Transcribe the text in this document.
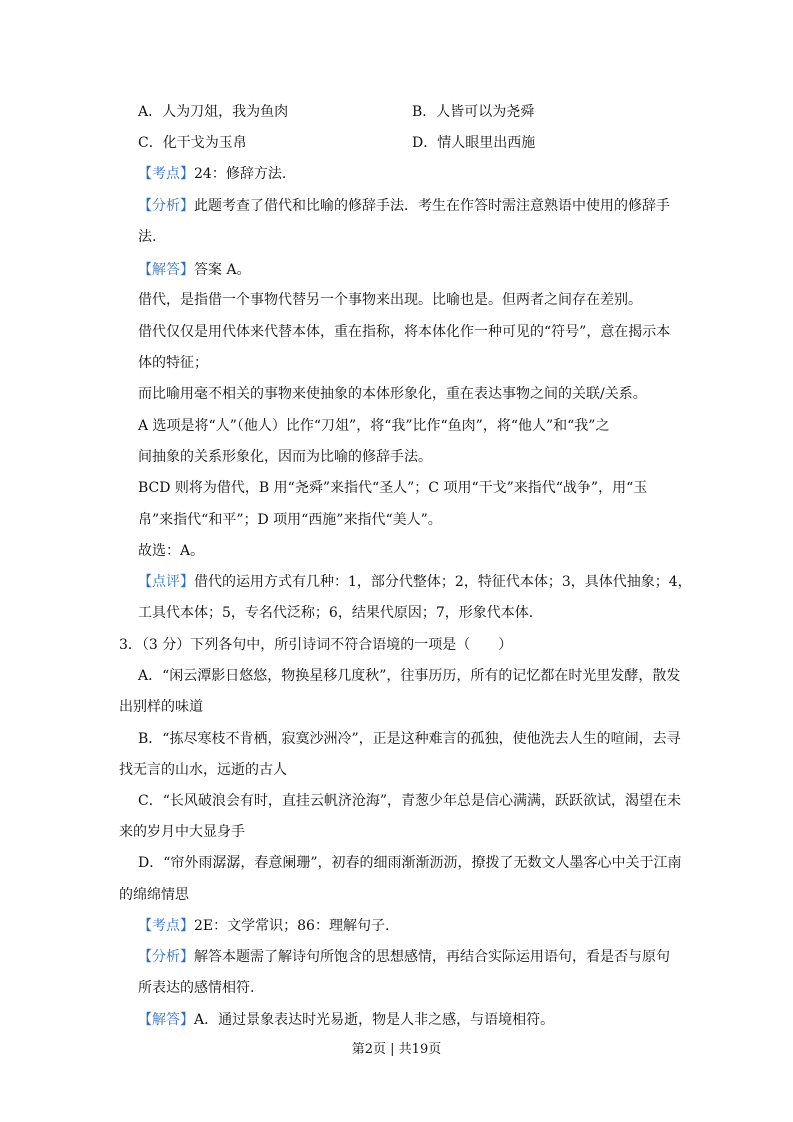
A．人为刀俎，我为鱼肉	B．人皆可以为尧舜
C．化干戈为玉帛	D．情人眼里出西施
【考点】24：修辞方法.
【分析】此题考查了借代和比喻的修辞手法．考生在作答时需注意熟语中使用的修辞手
法.
【解答】答案 A。
借代，是指借一个事物代替另一个事物来出现。比喻也是。但两者之间存在差别。
借代仅仅是用代体来代替本体，重在指称，将本体化作一种可见的“符号”，意在揭示本
体的特征；
而比喻用毫不相关的事物来使抽象的本体形象化，重在表达事物之间的关联/关系。
A 选项是将“人”（他人）比作“刀俎”，将“我”比作“鱼肉”，将“他人”和“我”之
间抽象的关系形象化，因而为比喻的修辞手法。
BCD 则将为借代，B 用“尧舜”来指代“圣人”；C 项用“干戈”来指代“战争”，用“玉
帛”来指代“和平”；D 项用“西施”来指代“美人”。
故选：A。
【点评】借代的运用方式有几种：1，部分代整体；2，特征代本体；3，具体代抽象；4，
工具代本体；5，专名代泛称；6，结果代原因；7，形象代本体.
3．（3 分）下列各句中，所引诗词不符合语境的一项是（　　）
A．“闲云潭影日悠悠，物换星移几度秋”，往事历历，所有的记忆都在时光里发酵，散发
出别样的味道
B．“拣尽寒枝不肯栖，寂寞沙洲冷”，正是这种难言的孤独，使他洗去人生的喧闹，去寻
找无言的山水，远逝的古人
C．“长风破浪会有时，直挂云帆济沧海”，青葱少年总是信心满满，跃跃欲试，渴望在未
来的岁月中大显身手
D．“帘外雨潺潺，春意阑珊”，初春的细雨渐渐沥沥，撩拨了无数文人墨客心中关于江南
的绵绵情思
【考点】2E：文学常识；86：理解句子.
【分析】解答本题需了解诗句所饱含的思想感情，再结合实际运用语句，看是否与原句
所表达的感情相符.
【解答】A．通过景象表达时光易逝，物是人非之感，与语境相符。
第2页 | 共19页
